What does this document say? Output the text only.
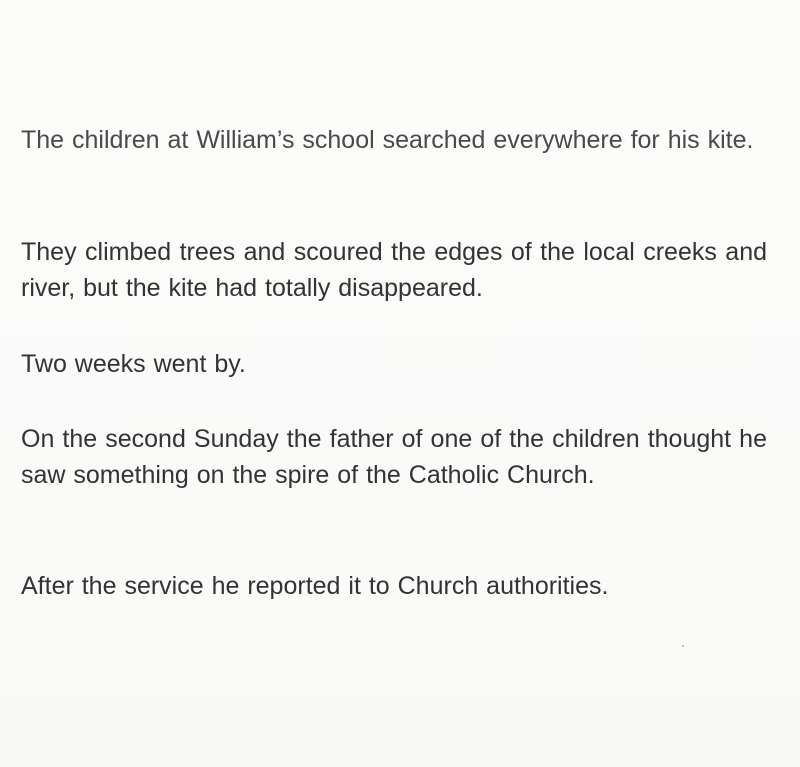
The children at William’s school searched everywhere for his kite.

They climbed trees and scoured the edges of the local creeks and river, but the kite had totally disappeared.

Two weeks went by.

On the second Sunday the father of one of the children thought he saw something on the spire of the Catholic Church.

After the service he reported it to Church authorities.
